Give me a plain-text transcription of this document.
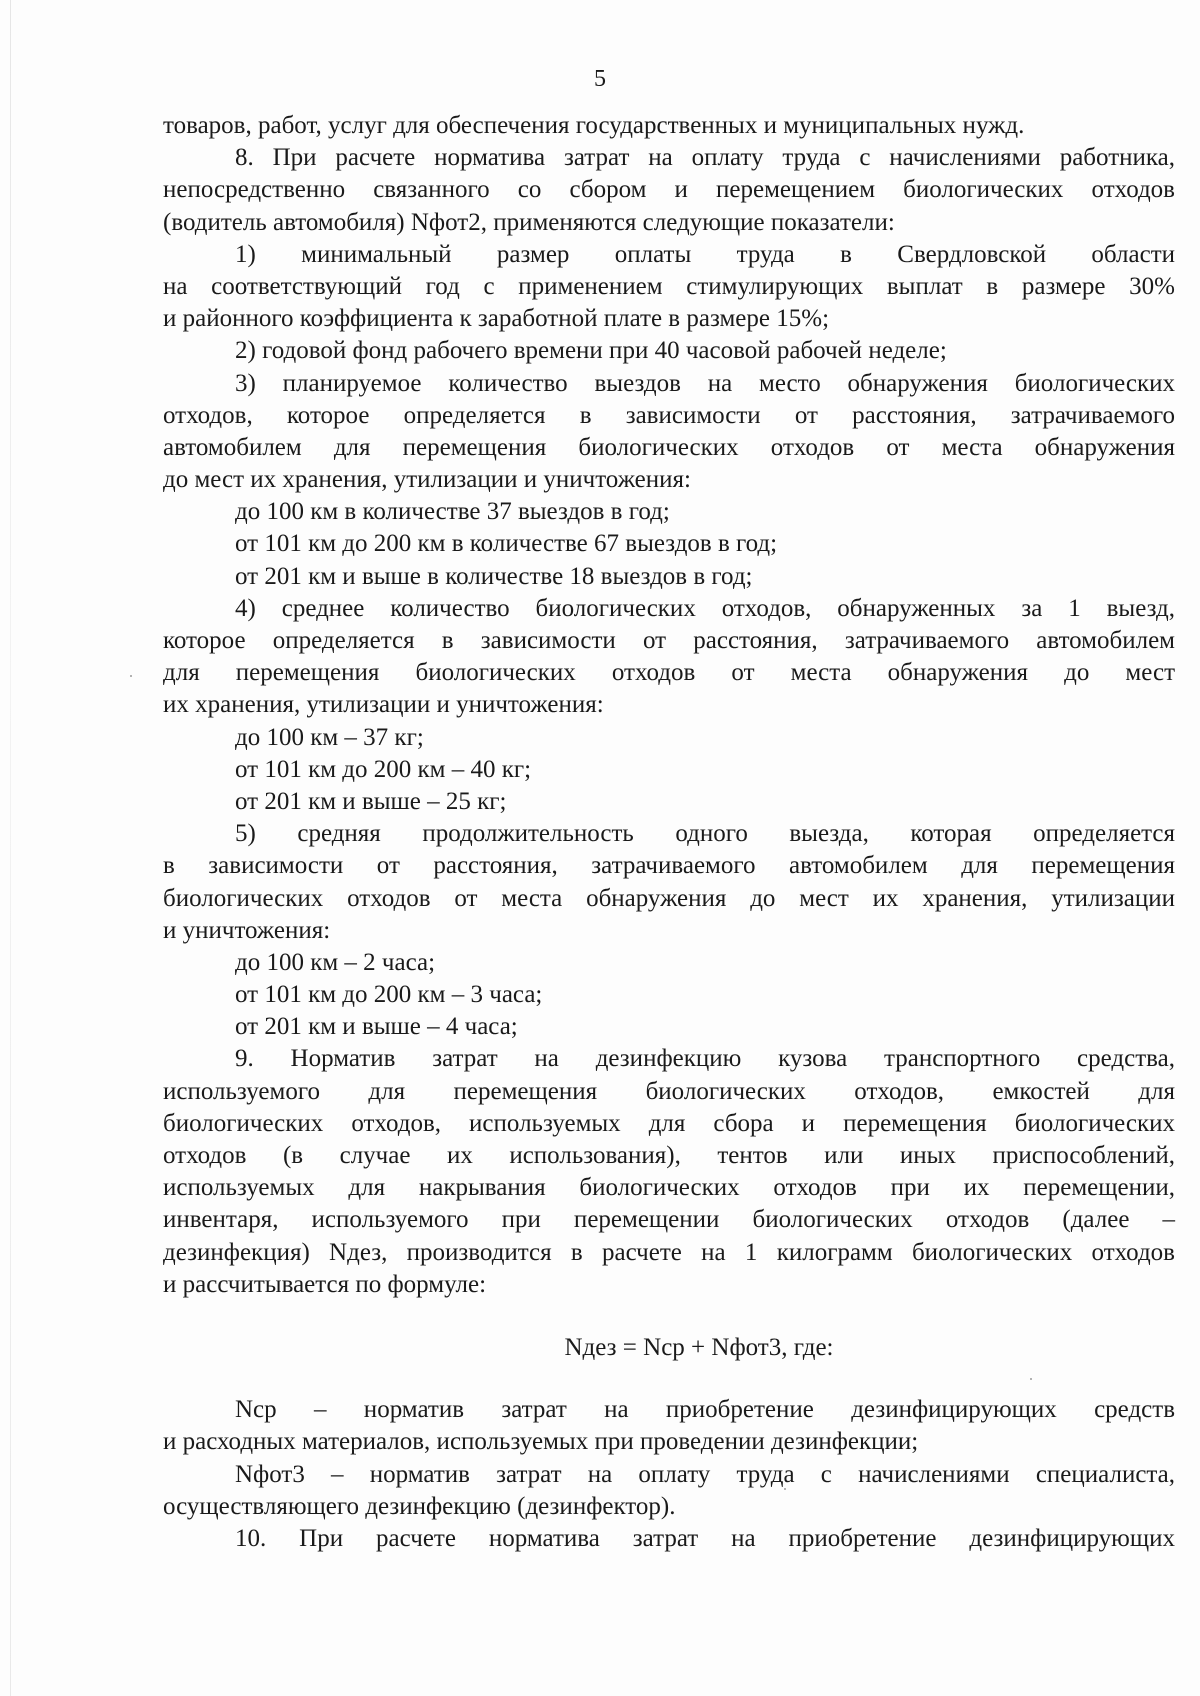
5
товаров, работ, услуг для обеспечения государственных и муниципальных нужд.
8. При расчете норматива затрат на оплату труда с начислениями работника,
непосредственно связанного со сбором и перемещением биологических отходов
(водитель автомобиля) Nфот2, применяются следующие показатели:
1) минимальный размер оплаты труда в Свердловской области
на соответствующий год с применением стимулирующих выплат в размере 30%
и районного коэффициента к заработной плате в размере 15%;
2) годовой фонд рабочего времени при 40 часовой рабочей неделе;
3) планируемое количество выездов на место обнаружения биологических
отходов, которое определяется в зависимости от расстояния, затрачиваемого
автомобилем для перемещения биологических отходов от места обнаружения
до мест их хранения, утилизации и уничтожения:
до 100 км в количестве 37 выездов в год;
от 101 км до 200 км в количестве 67 выездов в год;
от 201 км и выше в количестве 18 выездов в год;
4) среднее количество биологических отходов, обнаруженных за 1 выезд,
которое определяется в зависимости от расстояния, затрачиваемого автомобилем
для перемещения биологических отходов от места обнаружения до мест
их хранения, утилизации и уничтожения:
до 100 км – 37 кг;
от 101 км до 200 км – 40 кг;
от 201 км и выше – 25 кг;
5) средняя продолжительность одного выезда, которая определяется
в зависимости от расстояния, затрачиваемого автомобилем для перемещения
биологических отходов от места обнаружения до мест их хранения, утилизации
и уничтожения:
до 100 км – 2 часа;
от 101 км до 200 км – 3 часа;
от 201 км и выше – 4 часа;
9. Норматив затрат на дезинфекцию кузова транспортного средства,
используемого для перемещения биологических отходов, емкостей для
биологических отходов, используемых для сбора и перемещения биологических
отходов (в случае их использования), тентов или иных приспособлений,
используемых для накрывания биологических отходов при их перемещении,
инвентаря, используемого при перемещении биологических отходов (далее –
дезинфекция) Nдез, производится в расчете на 1 килограмм биологических отходов
и рассчитывается по формуле:
Nдез = Nср + Nфот3, где:
Nср – норматив затрат на приобретение дезинфицирующих средств
и расходных материалов, используемых при проведении дезинфекции;
Nфот3 – норматив затрат на оплату труда с начислениями специалиста,
осуществляющего дезинфекцию (дезинфектор).
10. При расчете норматива затрат на приобретение дезинфицирующих
